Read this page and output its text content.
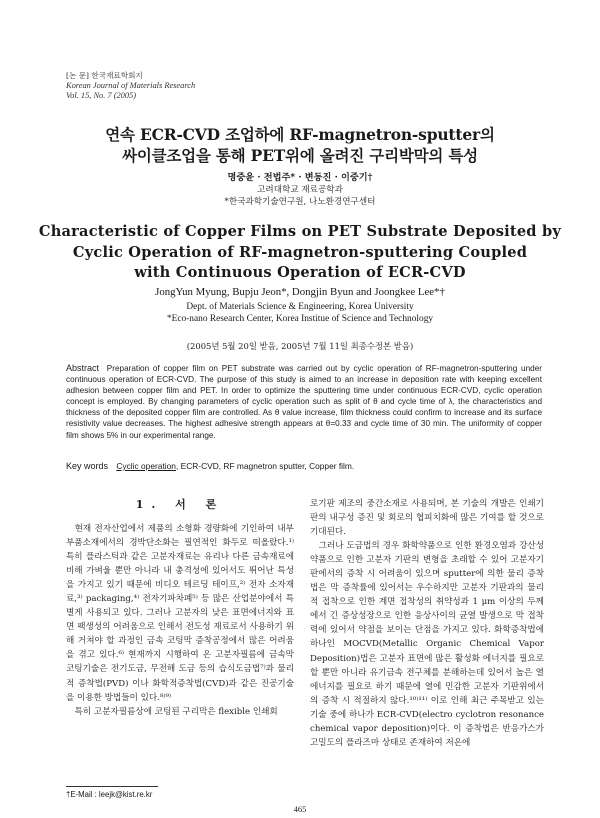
[논 문] 한국재료학회지
Korean Journal of Materials Research
Vol. 15, No. 7 (2005)
연속 ECR-CVD 조업하에 RF-magnetron-sputter의
싸이클조업을 통해 PET위에 올려진 구리박막의 특성
명중윤 · 전법주* · 변동진 · 이중기†
고려대학교 재료공학과
*한국과학기술연구원, 나노환경연구센터
Characteristic of Copper Films on PET Substrate Deposited by
Cyclic Operation of RF-magnetron-sputtering Coupled
with Continuous Operation of ECR-CVD
JongYun Myung, Bupju Jeon*, Dongjin Byun and Joongkee Lee*†
Dept. of Materials Science & Engineering, Korea University
*Eco-nano Research Center, Korea Institue of Science and Technology
(2005년 5월 20일 받음, 2005년 7월 11일 최종수정본 받음)
Abstract Preparation of copper film on PET substrate was carried out by cyclic operation of RF-magnetron-sputtering under continuous operation of ECR-CVD. The purpose of this study is aimed to an increase in deposition rate with keeping excellent adhesion between copper film and PET. In order to optimize the sputtering time under continuous ECR-CVD, cyclic operation concept is employed. By changing parameters of cyclic operation such as split of θ and cycle time of λ, the characteristics and thickness of the deposited copper film are controlled. As θ value increase, film thickness could confirm to increase and its surface resistivity value decreases. The highest adhesive strength appears at θ=0.33 and cycle time of 30 min. The uniformity of copper film shows 5% in our experimental range.
Key words Cyclic operation, ECR-CVD, RF magnetron sputter, Copper film.
1. 서 론

현재 전자산업에서 제품의 소형화 경량화에 기인하여 내부 부품소재에서의 경박단소화는 필연적인 화두로 떠올랐다.¹⁾ 특히 플라스틱과 같은 고분자재료는 유리나 다른 금속재료에 비해 가벼울 뿐만 아니라 내 충격성에 있어서도 뛰어난 특성을 가지고 있기 때문에 비디오 테르딩 테이프,²⁾ 전자 소자재료,³⁾ packaging,⁴⁾ 전자기파차폐⁵⁾ 등 많은 산업분야에서 특별게 사용되고 있다. 그러나 고분자의 낮은 표면에너지와 표면 팩생성의 어려움으로 인해서 전도성 재료로서 사용하기 위해 거쳐야 할 과정인 금속 코팅막 증착공정에서 많은 어려움을 겪고 있다.⁶⁾ 현재까지 시행하여 온 고분자필름에 금속막 코팅기술은 전기도금, 무전해 도금 등의 습식도금법⁷⁾과 물리적 증착법(PVD) 이나 화학적증착법(CVD)과 같은 진공기술을 이용한 방법들이 있다.⁸⁾⁹⁾

특히 고분자필름상에 코팅된 구리막은 flexible 인쇄회

로기판 제조의 중간소재로 사용되며, 본 기술의 개발은 인쇄기판의 내구성 증진 및 회로의 협피치화에 많은 기여를 할 것으로 기대된다.

그러나 도금법의 경우 화학약품으로 인한 환경오염과 강산성 약품으로 인한 고분자 기판의 변형을 초래할 수 있어 고분자기판에서의 증착 시 어려움이 있으며 sputter에 의한 물리 증착법은 막 증착률에 있어서는 우수하지만 고분자 기판과의 물리적 접착으로 인한 계면 접착성의 취약성과 1 μm 이상의 두께에서 긴 증상성장으로 인한 응상사이의 균열 발생으로 막 접착력에 있어서 약점을 보이는 단점을 가지고 있다. 화학증착법에 하나인 MOCVD(Metallic Organic Chemical Vapor Deposition)법은 고분자 표면에 많은 활성화 에너지를 필요로 할 뿐만 아니라 유기금속 전구체를 분해하는데 있어서 높은 열에너지를 필요로 하기 때문에 열에 민감한 고분자 기판위에서의 증착 시 적절하지 않다.¹⁰⁾¹¹⁾ 이로 인해 최근 주목받고 있는 기술 중에 하나가 ECR-CVD(electro cyclotron resonance chemical vapor deposition)이다. 이 증착법은 반응가스가 고밀도의 플라즈마 상태로 존재하여 저온에

†E-Mail : leejk@kist.re.kr
465
